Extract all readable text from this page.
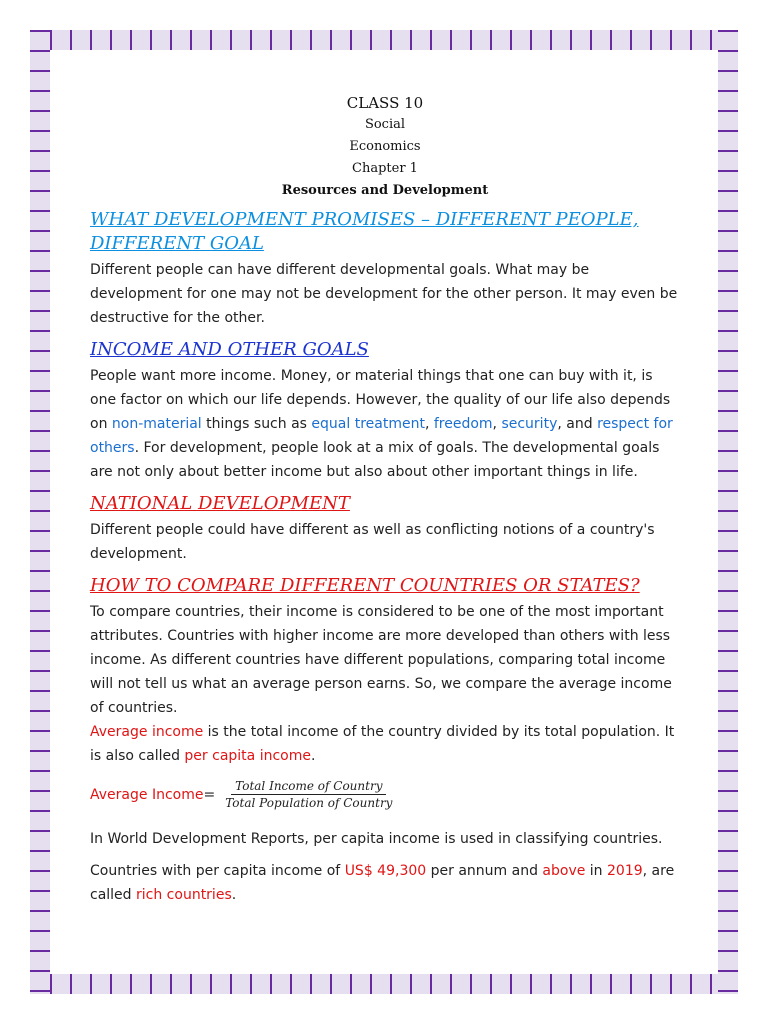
CLASS 10
Social
Economics
Chapter 1
Resources and Development
WHAT DEVELOPMENT PROMISES – DIFFERENT PEOPLE, DIFFERENT GOAL

Different people can have different developmental goals. What may be development for one may not be development for the other person. It may even be destructive for the other.

INCOME AND OTHER GOALS

People want more income. Money, or material things that one can buy with it, is one factor on which our life depends. However, the quality of our life also depends on non-material things such as equal treatment, freedom, security, and respect for others. For development, people look at a mix of goals. The developmental goals are not only about better income but also about other important things in life.

NATIONAL DEVELOPMENT

Different people could have different as well as conflicting notions of a country's development.

HOW TO COMPARE DIFFERENT COUNTRIES OR STATES?

To compare countries, their income is considered to be one of the most important attributes. Countries with higher income are more developed than others with less income. As different countries have different populations, comparing total income will not tell us what an average person earns. So, we compare the average income of countries.

Average income is the total income of the country divided by its total population. It is also called per capita income.

Average Income = $\frac{\text{Total Income of Country}}{\text{Total Population of Country}}$

In World Development Reports, per capita income is used in classifying countries.

Countries with per capita income of US$ 49,300 per annum and above in 2019, are called rich countries.
